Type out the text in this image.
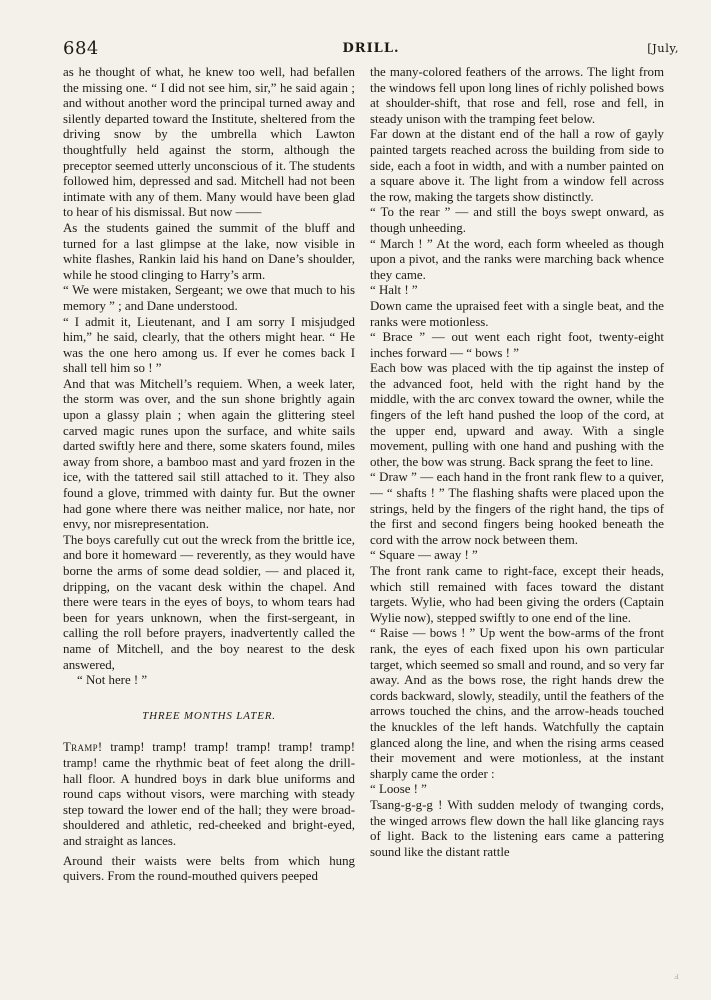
684	DRILL.	[July,

as he thought of what, he knew too well, had befallen the missing one. “ I did not see him, sir,” he said again ; and without another word the principal turned away and silently departed toward the Institute, sheltered from the driving snow by the umbrella which Lawton thoughtfully held against the storm, although the preceptor seemed utterly unconscious of it. The students followed him, depressed and sad. Mitchell had not been intimate with any of them. Many would have been glad to hear of his dismissal. But now ——

As the students gained the summit of the bluff and turned for a last glimpse at the lake, now visible in white flashes, Rankin laid his hand on Dane’s shoulder, while he stood clinging to Harry’s arm.

“ We were mistaken, Sergeant; we owe that much to his memory ” ; and Dane understood.

“ I admit it, Lieutenant, and I am sorry I misjudged him,” he said, clearly, that the others might hear. “ He was the one hero among us. If ever he comes back I shall tell him so ! ”

And that was Mitchell’s requiem. When, a week later, the storm was over, and the sun shone brightly again upon a glassy plain ; when again the glittering steel carved magic runes upon the surface, and white sails darted swiftly here and there, some skaters found, miles away from shore, a bamboo mast and yard frozen in the ice, with the tattered sail still attached to it. They also found a glove, trimmed with dainty fur. But the owner had gone where there was neither malice, nor hate, nor envy, nor misrepresentation.

The boys carefully cut out the wreck from the brittle ice, and bore it homeward — reverently, as they would have borne the arms of some dead soldier, — and placed it, dripping, on the vacant desk within the chapel. And there were tears in the eyes of boys, to whom tears had been for years unknown, when the first-sergeant, in calling the roll before prayers, inadvertently called the name of Mitchell, and the boy nearest to the desk answered,

“ Not here ! ”

THREE MONTHS LATER.

Tramp! tramp! tramp! tramp! tramp! tramp! tramp! tramp! came the rhythmic beat of feet along the drill-hall floor. A hundred boys in dark blue uniforms and round caps without visors, were marching with steady step toward the lower end of the hall; they were broad-shouldered and athletic, red-cheeked and bright-eyed, and straight as lances.

Around their waists were belts from which hung quivers. From the round-mouthed quivers peeped

the many-colored feathers of the arrows. The light from the windows fell upon long lines of richly polished bows at shoulder-shift, that rose and fell, rose and fell, in steady unison with the tramping feet below.

Far down at the distant end of the hall a row of gayly painted targets reached across the building from side to side, each a foot in width, and with a number painted on a square above it. The light from a window fell across the row, making the targets show distinctly.

“ To the rear ” — and still the boys swept onward, as though unheeding.

“ March ! ” At the word, each form wheeled as though upon a pivot, and the ranks were marching back whence they came.

“ Halt ! ”

Down came the upraised feet with a single beat, and the ranks were motionless.

“ Brace ” — out went each right foot, twenty-eight inches forward — “ bows ! ”

Each bow was placed with the tip against the instep of the advanced foot, held with the right hand by the middle, with the arc convex toward the owner, while the fingers of the left hand pushed the loop of the cord, at the upper end, upward and away. With a single movement, pulling with one hand and pushing with the other, the bow was strung. Back sprang the feet to line.

“ Draw ” — each hand in the front rank flew to a quiver, — “ shafts ! ” The flashing shafts were placed upon the strings, held by the fingers of the right hand, the tips of the first and second fingers being hooked beneath the cord with the arrow nock between them.

“ Square — away ! ”

The front rank came to right-face, except their heads, which still remained with faces toward the distant targets. Wylie, who had been giving the orders (Captain Wylie now), stepped swiftly to one end of the line.

“ Raise — bows ! ” Up went the bow-arms of the front rank, the eyes of each fixed upon his own particular target, which seemed so small and round, and so very far away. And as the bows rose, the right hands drew the cords backward, slowly, steadily, until the feathers of the arrows touched the chins, and the arrow-heads touched the knuckles of the left hands. Watchfully the captain glanced along the line, and when the rising arms ceased their movement and were motionless, at the instant sharply came the order :

“ Loose ! ”

Tsang-g-g-g ! With sudden melody of twanging cords, the winged arrows flew down the hall like glancing rays of light. Back to the listening ears came a pattering sound like the distant rattle

ⅎ
